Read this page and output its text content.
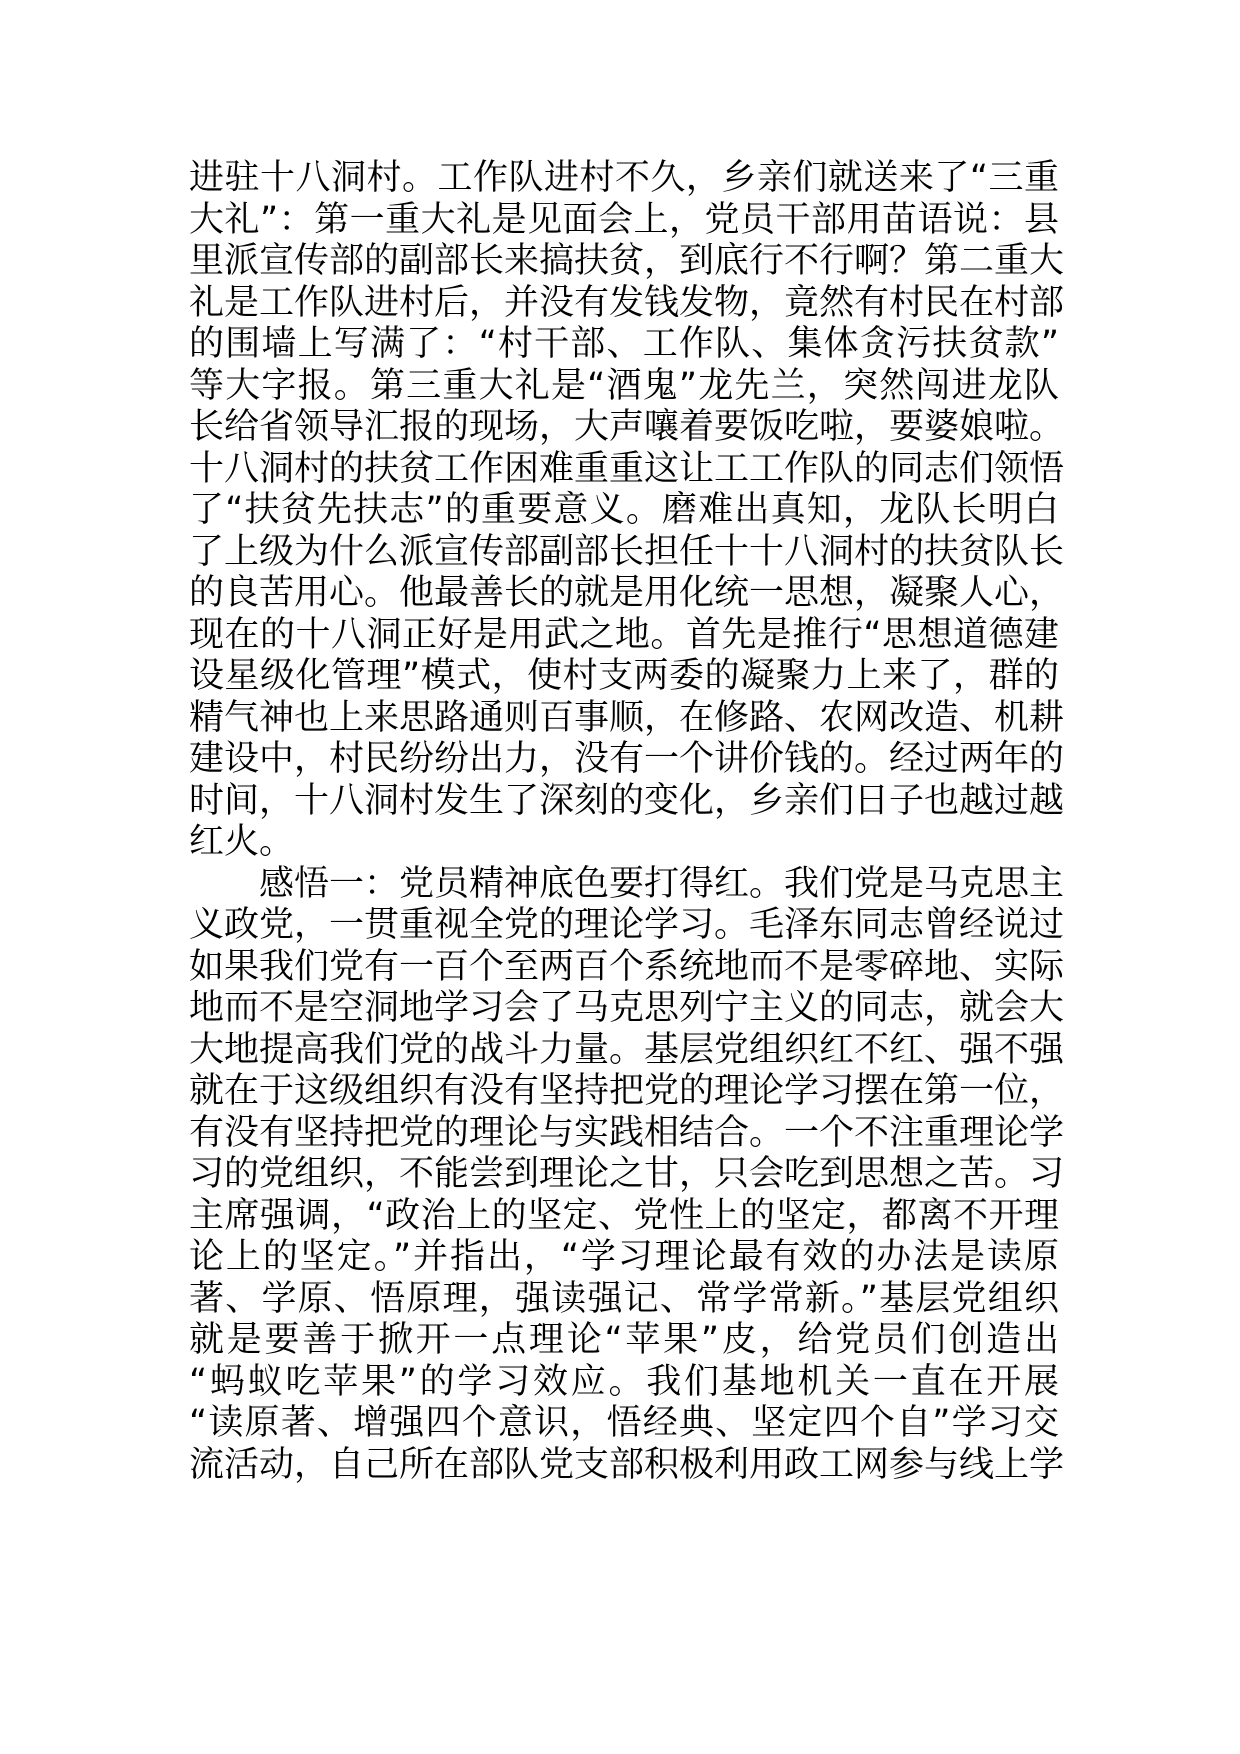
进驻十八洞村。工作队进村不久，乡亲们就送来了“三重
大礼”：第一重大礼是见面会上，党员干部用苗语说：县
里派宣传部的副部长来搞扶贫，到底行不行啊？第二重大
礼是工作队进村后，并没有发钱发物，竟然有村民在村部
的围墙上写满了：“村干部、工作队、集体贪污扶贫款”
等大字报。第三重大礼是“酒鬼”龙先兰，突然闯进龙队
长给省领导汇报的现场，大声嚷着要饭吃啦，要婆娘啦。
十八洞村的扶贫工作困难重重这让工工作队的同志们领悟
了“扶贫先扶志”的重要意义。磨难出真知，龙队长明白
了上级为什么派宣传部副部长担任十十八洞村的扶贫队长
的良苦用心。他最善长的就是用化统一思想，凝聚人心，
现在的十八洞正好是用武之地。首先是推行“思想道德建
设星级化管理”模式，使村支两委的凝聚力上来了，群的
精气神也上来思路通则百事顺，在修路、农网改造、机耕
建设中，村民纷纷出力，没有一个讲价钱的。经过两年的
时间，十八洞村发生了深刻的变化，乡亲们日子也越过越
红火。
感悟一：党员精神底色要打得红。我们党是马克思主
义政党，一贯重视全党的理论学习。毛泽东同志曾经说过
如果我们党有一百个至两百个系统地而不是零碎地、实际
地而不是空洞地学习会了马克思列宁主义的同志，就会大
大地提高我们党的战斗力量。基层党组织红不红、强不强
就在于这级组织有没有坚持把党的理论学习摆在第一位，
有没有坚持把党的理论与实践相结合。一个不注重理论学
习的党组织，不能尝到理论之甘，只会吃到思想之苦。习
主席强调，“政治上的坚定、党性上的坚定，都离不开理
论上的坚定。”并指出，“学习理论最有效的办法是读原
著、学原、悟原理，强读强记、常学常新。”基层党组织
就是要善于掀开一点理论“苹果”皮，给党员们创造出
“蚂蚁吃苹果”的学习效应。我们基地机关一直在开展
“读原著、增强四个意识，悟经典、坚定四个自”学习交
流活动，自己所在部队党支部积极利用政工网参与线上学
